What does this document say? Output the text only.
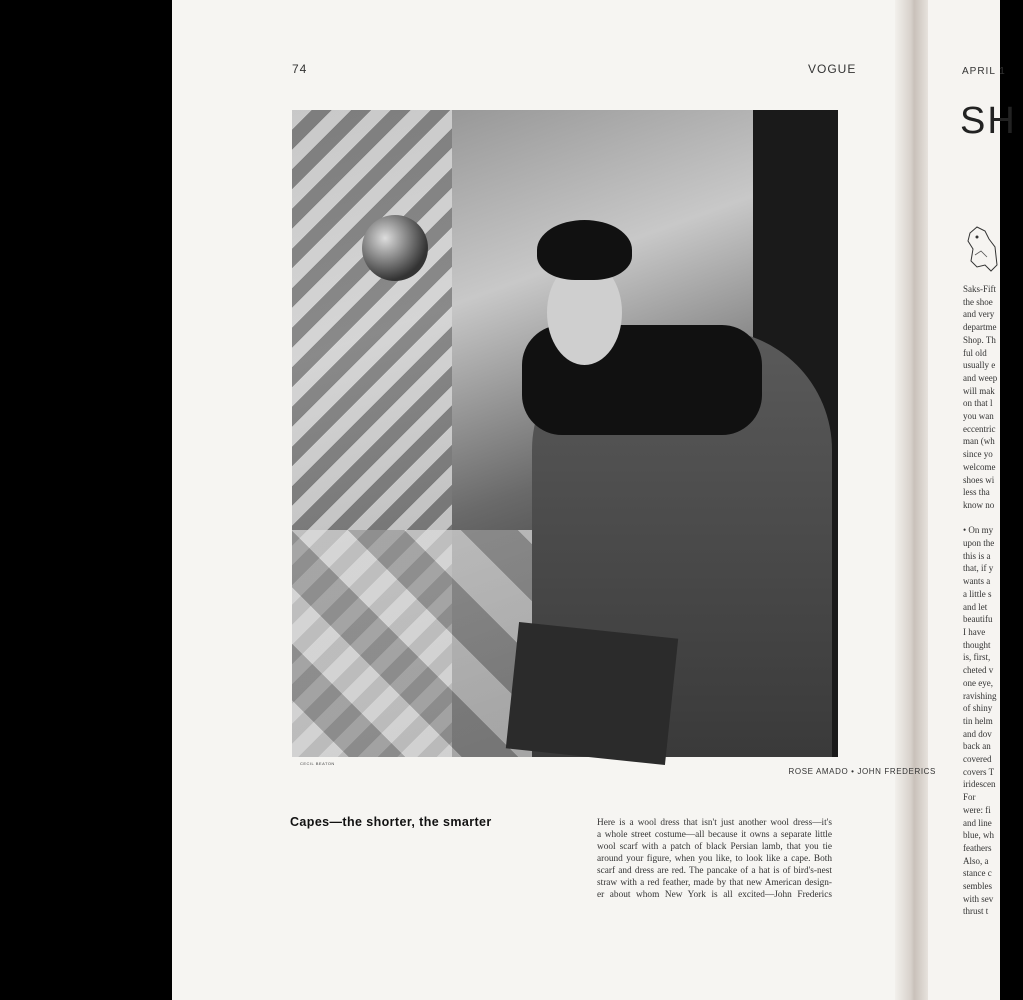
74	VOGUE
CECIL BEATON
ROSE AMADO • JOHN FREDERICS
Capes—the shorter, the smarter	Here is a wool dress that isn't just another wool dress—it's
a whole street costume—all because it owns a separate little
wool scarf with a patch of black Persian lamb, that you tie
around your figure, when you like, to look like a cape. Both
scarf and dress are red. The pancake of a hat is of bird's-nest
straw with a red feather, made by that new American design-
er about whom New York is all excited—John Frederics
APRIL 1
SH
Saks-Fift
the shoe
and very
departme
Shop. Th
ful old
usually e
and weep
will mak
on that l
you wan
eccentric
man (wh
since yo
welcome
shoes wi
less tha
know no

• On my
upon the
this is a
that, if y
wants a
a little s
and let
beautifu
I have
thought
is, first,
cheted v
one eye,
ravishing
of shiny
tin helm
and dov
back an
covered
covers T
iridescen
For
were: fi
and line
blue, wh
feathers
Also, a
stance c
sembles
with sev
thrust t
